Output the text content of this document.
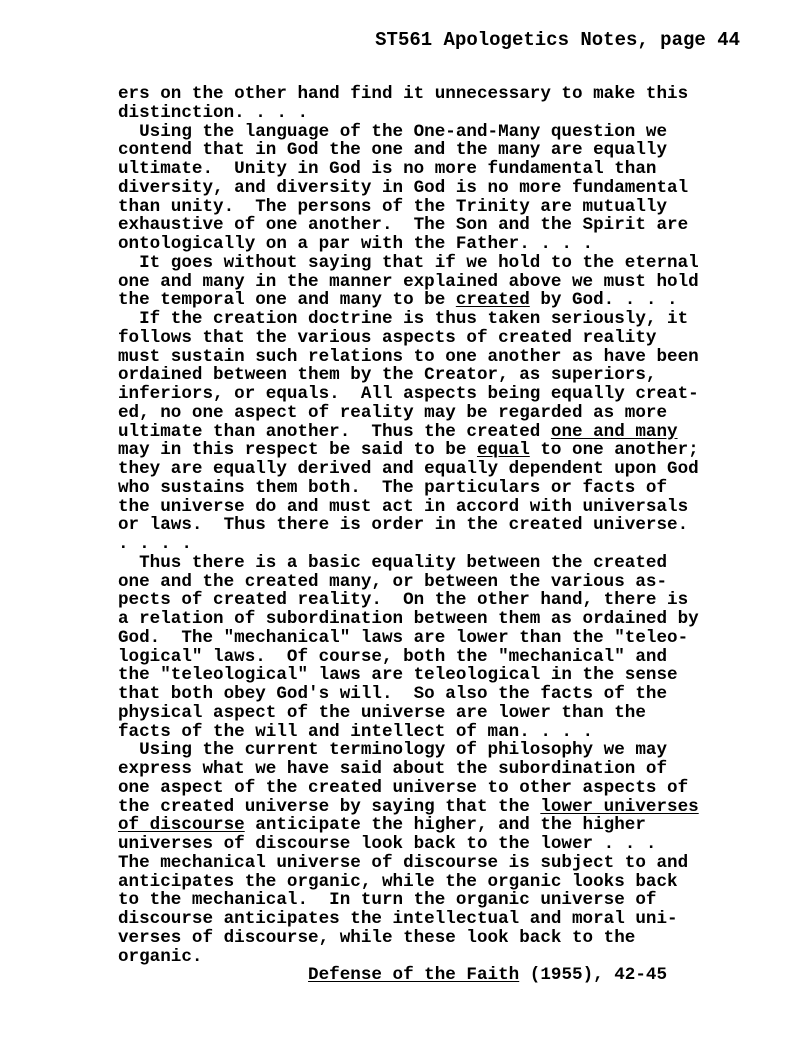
ST561 Apologetics Notes, page 44
ers on the other hand find it unnecessary to make this
distinction. . . .
Using the language of the One-and-Many question we
contend that in God the one and the many are equally
ultimate.  Unity in God is no more fundamental than
diversity, and diversity in God is no more fundamental
than unity.  The persons of the Trinity are mutually
exhaustive of one another.  The Son and the Spirit are
ontologically on a par with the Father. . . .
It goes without saying that if we hold to the eternal
one and many in the manner explained above we must hold
the temporal one and many to be created by God. . . .
If the creation doctrine is thus taken seriously, it
follows that the various aspects of created reality
must sustain such relations to one another as have been
ordained between them by the Creator, as superiors,
inferiors, or equals.  All aspects being equally creat-
ed, no one aspect of reality may be regarded as more
ultimate than another.  Thus the created one and many
may in this respect be said to be equal to one another;
they are equally derived and equally dependent upon God
who sustains them both.  The particulars or facts of
the universe do and must act in accord with universals
or laws.  Thus there is order in the created universe.
. . . .
Thus there is a basic equality between the created
one and the created many, or between the various as-
pects of created reality.  On the other hand, there is
a relation of subordination between them as ordained by
God.  The "mechanical" laws are lower than the "teleo-
logical" laws.  Of course, both the "mechanical" and
the "teleological" laws are teleological in the sense
that both obey God's will.  So also the facts of the
physical aspect of the universe are lower than the
facts of the will and intellect of man. . . .
Using the current terminology of philosophy we may
express what we have said about the subordination of
one aspect of the created universe to other aspects of
the created universe by saying that the lower universes
of discourse anticipate the higher, and the higher
universes of discourse look back to the lower . . .
The mechanical universe of discourse is subject to and
anticipates the organic, while the organic looks back
to the mechanical.  In turn the organic universe of
discourse anticipates the intellectual and moral uni-
verses of discourse, while these look back to the
organic.
Defense of the Faith (1955), 42-45
